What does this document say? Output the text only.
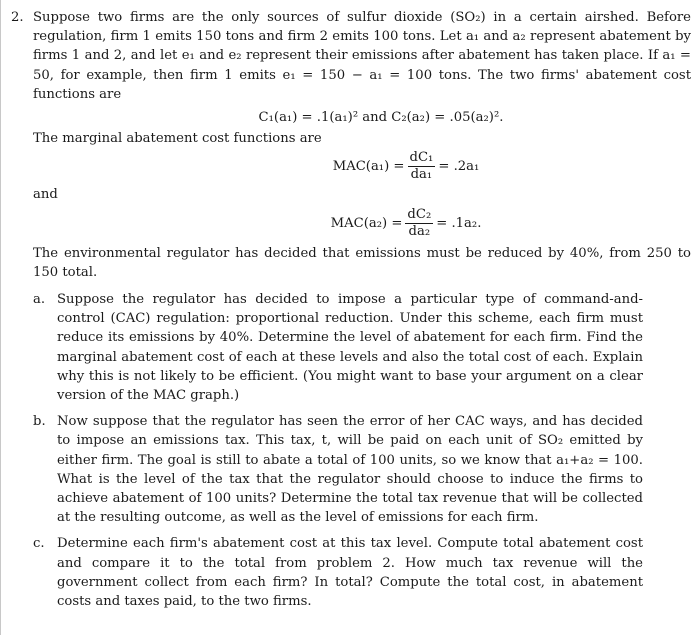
2. Suppose two firms are the only sources of sulfur dioxide (SO₂) in a certain airshed. Before regulation, firm 1 emits 150 tons and firm 2 emits 100 tons. Let a₁ and a₂ represent abatement by firms 1 and 2, and let e₁ and e₂ represent their emissions after abatement has taken place. If a₁ = 50, for example, then firm 1 emits e₁ = 150 − a₁ = 100 tons. The two firms' abatement cost functions are
C₁(a₁) = .1(a₁)² and C₂(a₂) = .05(a₂)².
The marginal abatement cost functions are
$MAC(a_1) = \frac{\text{dC₁}}{\text{da₁}} = .2a_1$
and
$MAC(a_2) = \frac{\text{dC₂}}{\text{da₂}} = .1a_2$.
The environmental regulator has decided that emissions must be reduced by 40%, from 250 to 150 total.
a. Suppose the regulator has decided to impose a particular type of command-and-control (CAC) regulation: proportional reduction. Under this scheme, each firm must reduce its emissions by 40%. Determine the level of abatement for each firm. Find the marginal abatement cost of each at these levels and also the total cost of each. Explain why this is not likely to be efficient. (You might want to base your argument on a clear version of the MAC graph.)
b. Now suppose that the regulator has seen the error of her CAC ways, and has decided to impose an emissions tax. This tax, t, will be paid on each unit of SO₂ emitted by either firm. The goal is still to abate a total of 100 units, so we know that a₁+a₂ = 100. What is the level of the tax that the regulator should choose to induce the firms to achieve abatement of 100 units? Determine the total tax revenue that will be collected at the resulting outcome, as well as the level of emissions for each firm.
c. Determine each firm's abatement cost at this tax level. Compute total abatement cost and compare it to the total from problem 2. How much tax revenue will the government collect from each firm? In total? Compute the total cost, in abatement costs and taxes paid, to the two firms.
